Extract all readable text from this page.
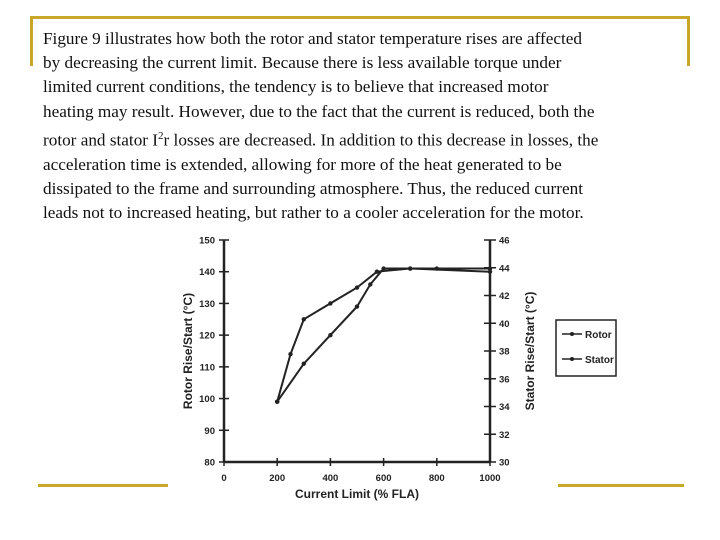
Figure 9 illustrates how both the rotor and stator temperature rises are affected
by decreasing the current limit. Because there is less available torque under
limited current conditions, the tendency is to believe that increased motor
heating may result. However, due to the fact that the current is reduced, both the
rotor and stator $I^2r$ losses are decreased. In addition to this decrease in losses, the
acceleration time is extended, allowing for more of the heat generated to be
dissipated to the frame and surrounding atmosphere. Thus, the reduced current
leads not to increased heating, but rather to a cooler acceleration for the motor.

80
90
100
110
120
130
140
150
30
32
34
36
38
40
42
44
46
0	200	400	600	800	1000
Rotor Rise/Start (°C)	Stator Rise/Start (°C)
Current Limit (% FLA)
Rotor
Stator
